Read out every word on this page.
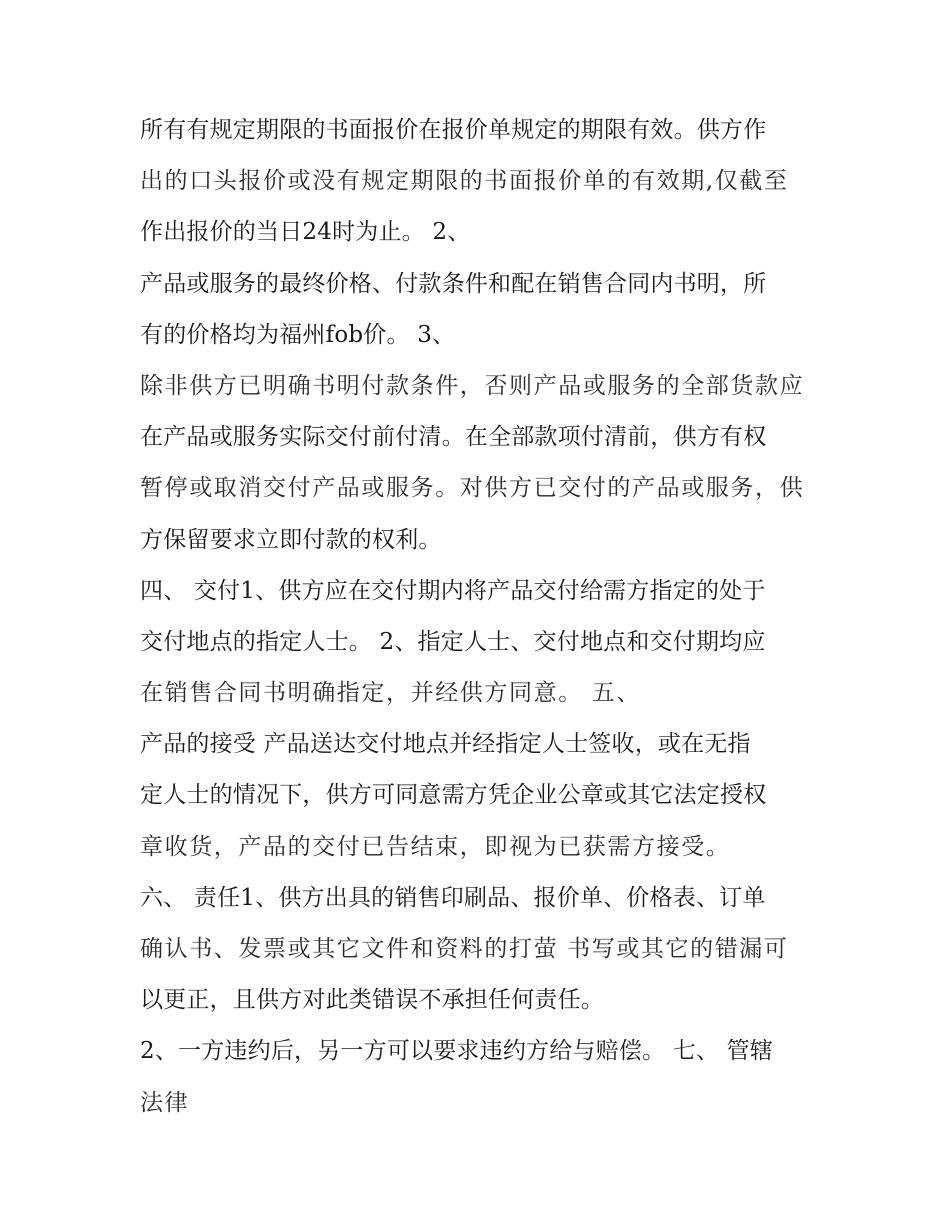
所有有规定期限的书面报价在报价单规定的期限有效。供方作
出的口头报价或没有规定期限的书面报价单的有效期,仅截至
作出报价的当日24时为止。 2、
产品或服务的最终价格、付款条件和配在销售合同内书明，所
有的价格均为福州fob价。 3、
除非供方已明确书明付款条件，否则产品或服务的全部货款应
在产品或服务实际交付前付清。在全部款项付清前，供方有权
暂停或取消交付产品或服务。对供方已交付的产品或服务，供
方保留要求立即付款的权利。
四、 交付1、供方应在交付期内将产品交付给需方指定的处于
交付地点的指定人士。 2、指定人士、交付地点和交付期均应
在销售合同书明确指定，并经供方同意。 五、
产品的接受 产品送达交付地点并经指定人士签收，或在无指
定人士的情况下，供方可同意需方凭企业公章或其它法定授权
章收货，产品的交付已告结束，即视为已获需方接受。
六、 责任1、供方出具的销售印刷品、报价单、价格表、订单
确认书、发票或其它文件和资料的打萤 书写或其它的错漏可
以更正，且供方对此类错误不承担任何责任。
2、一方违约后，另一方可以要求违约方给与赔偿。 七、 管辖
法律
